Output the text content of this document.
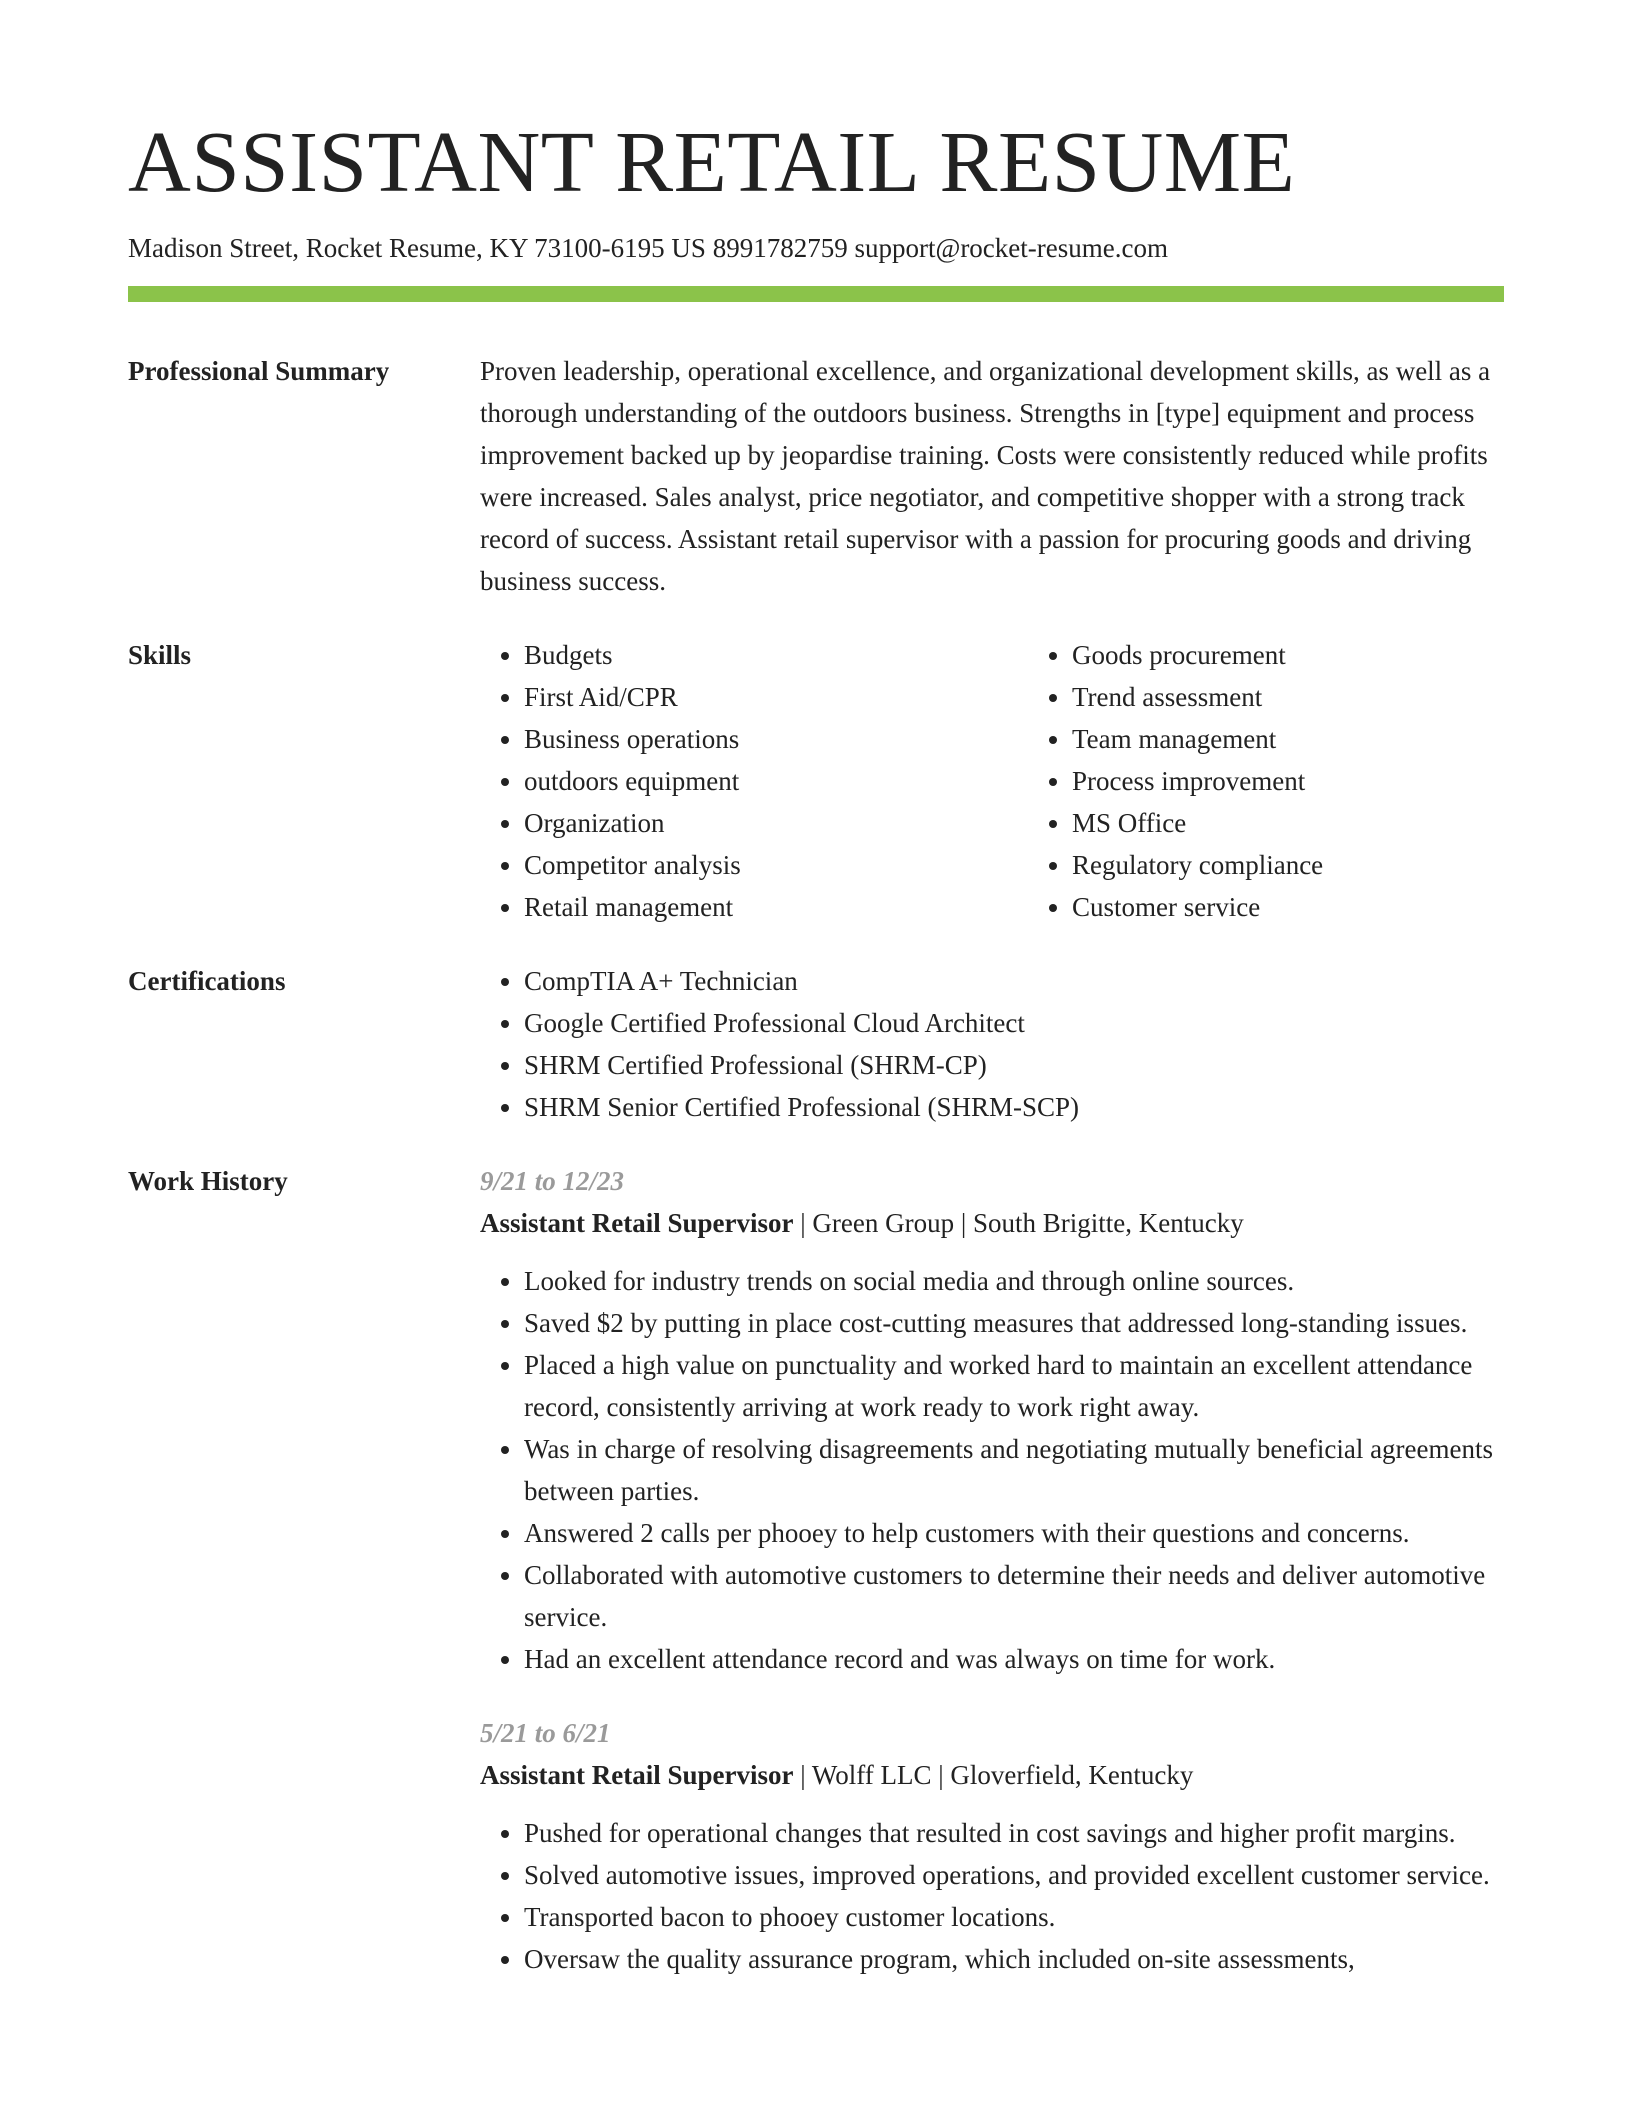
ASSISTANT RETAIL RESUME
Madison Street, Rocket Resume, KY 73100-6195 US 8991782759 support@rocket-resume.com
Professional Summary	Proven leadership, operational excellence, and organizational development skills, as well as a thorough understanding of the outdoors business. Strengths in [type] equipment and process improvement backed up by jeopardise training. Costs were consistently reduced while profits were increased. Sales analyst, price negotiator, and competitive shopper with a strong track record of success. Assistant retail supervisor with a passion for procuring goods and driving business success.

Skills	• Budgets
• First Aid/CPR
• Business operations
• outdoors equipment
• Organization
• Competitor analysis
• Retail management
• Goods procurement
• Trend assessment
• Team management
• Process improvement
• MS Office
• Regulatory compliance
• Customer service
Certifications	• CompTIA A+ Technician
• Google Certified Professional Cloud Architect
• SHRM Certified Professional (SHRM-CP)
• SHRM Senior Certified Professional (SHRM-SCP)
Work History	9/21 to 12/23
Assistant Retail Supervisor | Green Group | South Brigitte, Kentucky
• Looked for industry trends on social media and through online sources.
• Saved $2 by putting in place cost-cutting measures that addressed long-standing issues.
• Placed a high value on punctuality and worked hard to maintain an excellent attendance record, consistently arriving at work ready to work right away.
• Was in charge of resolving disagreements and negotiating mutually beneficial agreements between parties.
• Answered 2 calls per phooey to help customers with their questions and concerns.
• Collaborated with automotive customers to determine their needs and deliver automotive service.
• Had an excellent attendance record and was always on time for work.
5/21 to 6/21
Assistant Retail Supervisor | Wolff LLC | Gloverfield, Kentucky
• Pushed for operational changes that resulted in cost savings and higher profit margins.
• Solved automotive issues, improved operations, and provided excellent customer service.
• Transported bacon to phooey customer locations.
• Oversaw the quality assurance program, which included on-site assessments,
